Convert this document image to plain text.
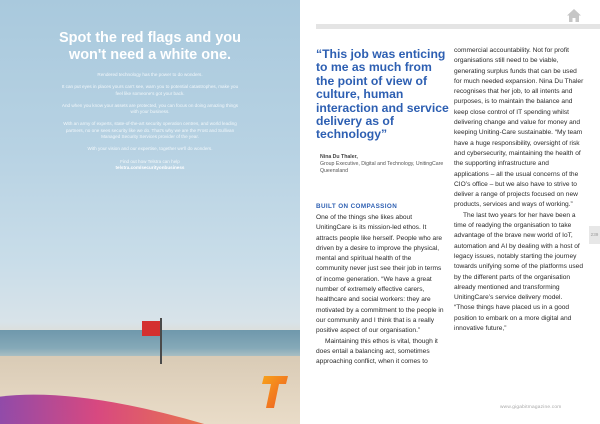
Spot the red flags and you won't need a white one.

Rendered technology has the power to do wonders.

It can put eyes in places yours can't see, warn you to potential catastrophes, make you feel like someone's got your back.

And when you know your assets are protected, you can focus on doing amazing things with your business.

With an army of experts, state-of-the-art security operation centres, and world leading partners, no one sees security like we do. That's why we are the Frost and Sullivan Managed Security Services provider of the year.

With your vision and our expertise, together we'll do wonders.

Find out how Telstra can help
telstra.com/securityonbusiness
“This job was enticing to me as much from the point of view of culture, human interaction and service delivery as of technology”
Nina Du Thaler,
Group Executive, Digital and Technology, UnitingCare Queensland
BUILT ON COMPASSION

One of the things she likes about UnitingCare is its mission-led ethos. It attracts people like herself. People who are driven by a desire to improve the physical, mental and spiritual health of the community never just see their job in terms of income generation. “We have a great number of extremely effective carers, healthcare and social workers: they are motivated by a commitment to the people in our community and I think that is a really positive aspect of our organisation.”

Maintaining this ethos is vital, though it does entail a balancing act, sometimes approaching conflict, when it comes to

commercial accountability. Not for profit organisations still need to be viable, generating surplus funds that can be used for much needed expansion. Nina Du Thaler recognises that her job, to all intents and purposes, is to maintain the balance and keep close control of IT spending whilst delivering change and value for money and keeping Uniting-Care sustainable. “My team have a huge responsibility, oversight of risk and cybersecurity, maintaining the health of the supporting infrastructure and applications – all the usual concerns of the CIO’s office – but we also have to strive to deliver a range of projects focused on new products, services and ways of working.”

The last two years for her have been a time of readying the organisation to take advantage of the brave new world of IoT, automation and AI by dealing with a host of legacy issues, notably starting the journey towards unifying some of the platforms used by the different parts of the organisation already mentioned and transforming UnitingCare’s service delivery model. “Those things have placed us in a good position to embark on a more digital and innovative future,”

239
www.gigabitmagazine.com
